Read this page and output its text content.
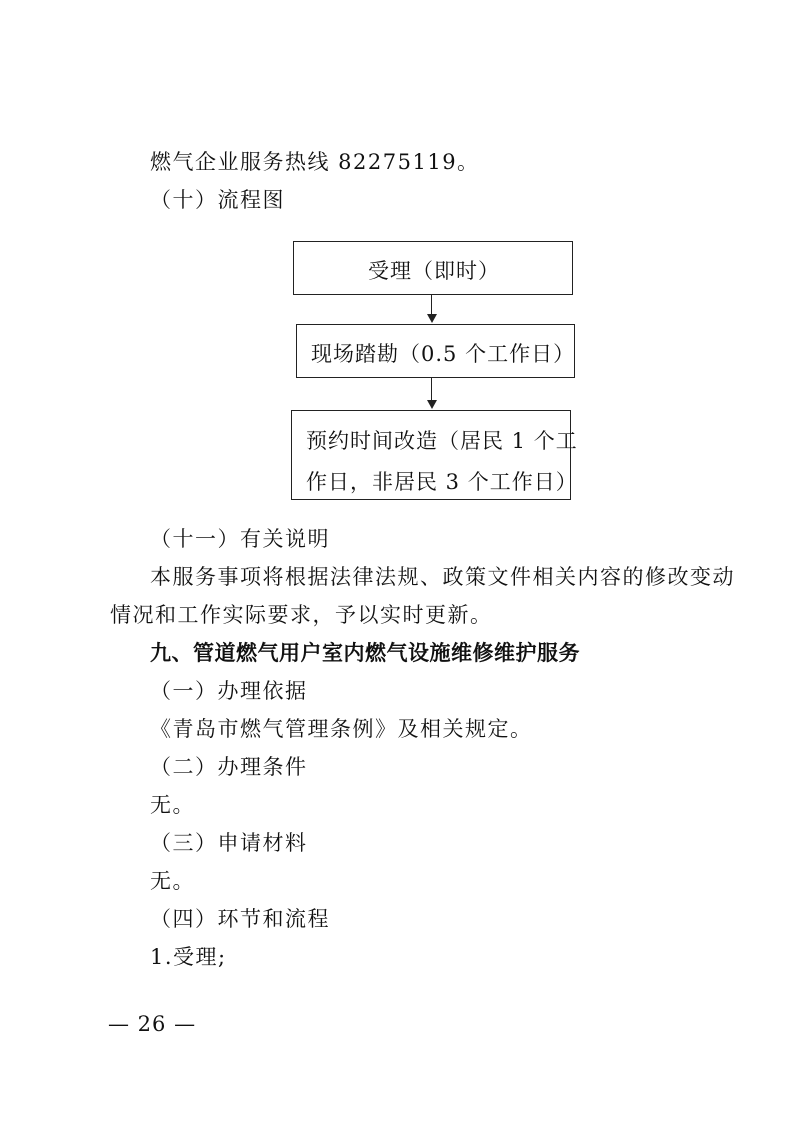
燃气企业服务热线 82275119。
（十）流程图
受理（即时）
现场踏勘（0.5 个工作日）
预约时间改造（居民 1 个工
作日，非居民 3 个工作日）
（十一）有关说明
本服务事项将根据法律法规、政策文件相关内容的修改变动
情况和工作实际要求，予以实时更新。
九、管道燃气用户室内燃气设施维修维护服务
（一）办理依据
《青岛市燃气管理条例》及相关规定。
（二）办理条件
无。
（三）申请材料
无。
（四）环节和流程
1.受理;
— 26 —
